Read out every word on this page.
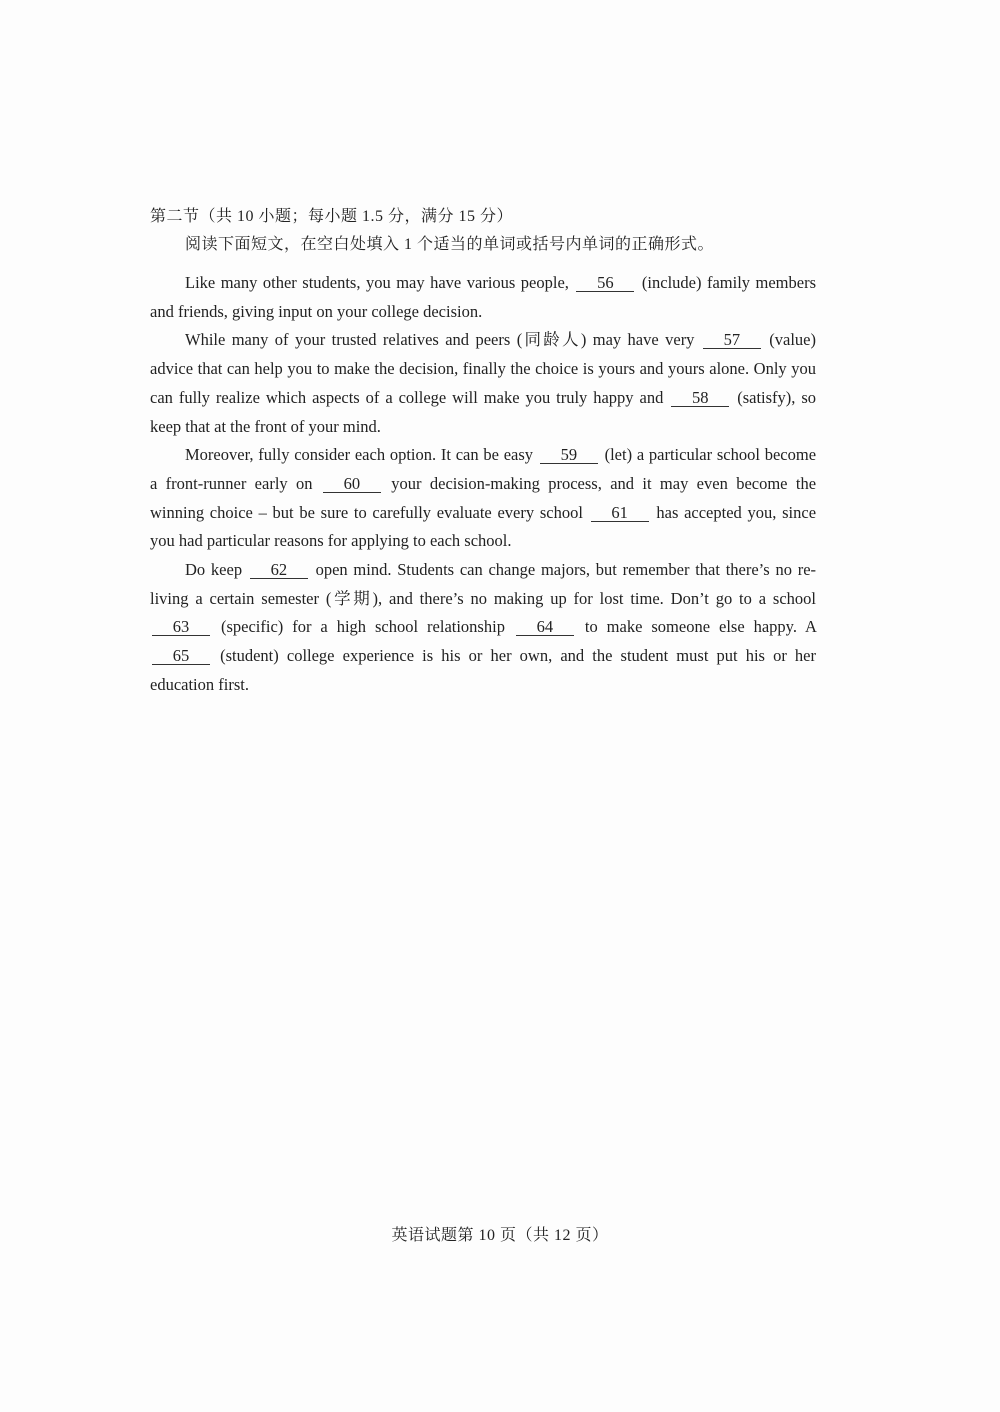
第二节（共 10 小题；每小题 1.5 分，满分 15 分）
阅读下面短文，在空白处填入 1 个适当的单词或括号内单词的正确形式。

Like many other students, you may have various people, 56 (include) family members and friends, giving input on your college decision.

While many of your trusted relatives and peers (同龄人) may have very 57 (value) advice that can help you to make the decision, finally the choice is yours and yours alone. Only you can fully realize which aspects of a college will make you truly happy and 58 (satisfy), so keep that at the front of your mind.

Moreover, fully consider each option. It can be easy 59 (let) a particular school become a front-runner early on 60 your decision-making process, and it may even become the winning choice – but be sure to carefully evaluate every school 61 has accepted you, since you had particular reasons for applying to each school.

Do keep 62 open mind. Students can change majors, but remember that there’s no re-living a certain semester (学期), and there’s no making up for lost time. Don’t go to a school 63 (specific) for a high school relationship 64 to make someone else happy. A 65 (student) college experience is his or her own, and the student must put his or her education first.

英语试题第 10 页（共 12 页）
